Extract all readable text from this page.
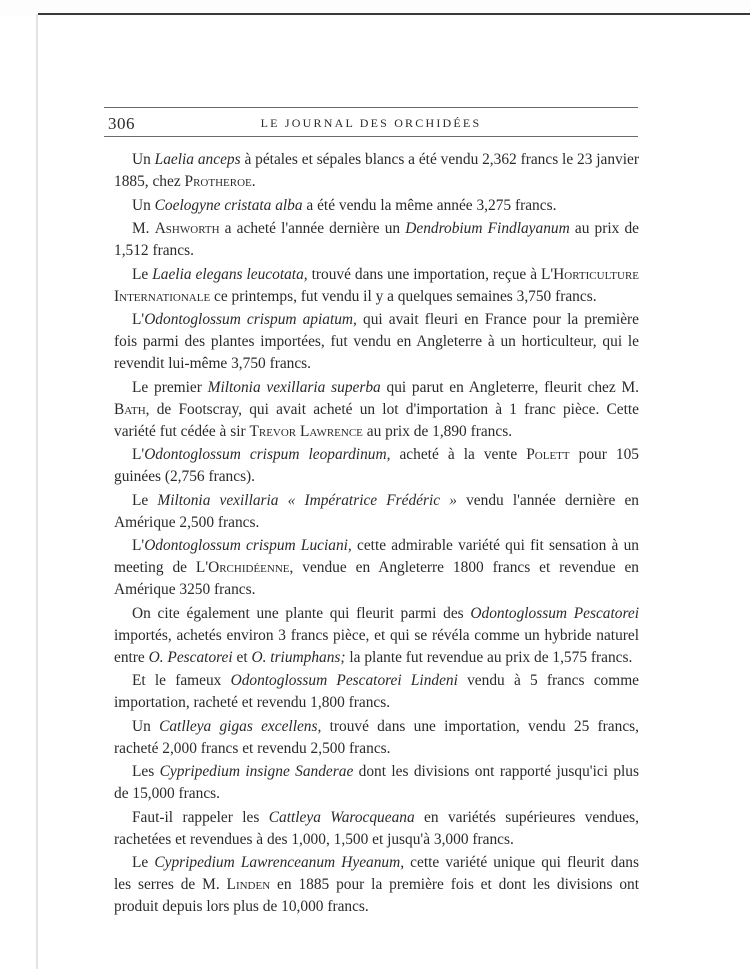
306	LE JOURNAL DES ORCHIDÉES

Un Laelia anceps à pétales et sépales blancs a été vendu 2,362 francs le 23 janvier 1885, chez Protheroe.

Un Coelogyne cristata alba a été vendu la même année 3,275 francs.

M. Ashworth a acheté l'année dernière un Dendrobium Findlayanum au prix de 1,512 francs.

Le Laelia elegans leucotata, trouvé dans une importation, reçue à L'Horticulture Internationale ce printemps, fut vendu il y a quelques semaines 3,750 francs.

L'Odontoglossum crispum apiatum, qui avait fleuri en France pour la première fois parmi des plantes importées, fut vendu en Angleterre à un horticulteur, qui le revendit lui-même 3,750 francs.

Le premier Miltonia vexillaria superba qui parut en Angleterre, fleurit chez M. Bath, de Footscray, qui avait acheté un lot d'importation à 1 franc pièce. Cette variété fut cédée à sir Trevor Lawrence au prix de 1,890 francs.

L'Odontoglossum crispum leopardinum, acheté à la vente Polett pour 105 guinées (2,756 francs).

Le Miltonia vexillaria « Impératrice Frédéric » vendu l'année dernière en Amérique 2,500 francs.

L'Odontoglossum crispum Luciani, cette admirable variété qui fit sensation à un meeting de L'Orchidéenne, vendue en Angleterre 1800 francs et revendue en Amérique 3250 francs.

On cite également une plante qui fleurit parmi des Odontoglossum Pescatorei importés, achetés environ 3 francs pièce, et qui se révéla comme un hybride naturel entre O. Pescatorei et O. triumphans; la plante fut revendue au prix de 1,575 francs.

Et le fameux Odontoglossum Pescatorei Lindeni vendu à 5 francs comme importation, racheté et revendu 1,800 francs.

Un Catlleya gigas excellens, trouvé dans une importation, vendu 25 francs, racheté 2,000 francs et revendu 2,500 francs.

Les Cypripedium insigne Sanderae dont les divisions ont rapporté jusqu'ici plus de 15,000 francs.

Faut-il rappeler les Cattleya Warocqueana en variétés supérieures vendues, rachetées et revendues à des 1,000, 1,500 et jusqu'à 3,000 francs.

Le Cypripedium Lawrenceanum Hyeanum, cette variété unique qui fleurit dans les serres de M. Linden en 1885 pour la première fois et dont les divisions ont produit depuis lors plus de 10,000 francs.
